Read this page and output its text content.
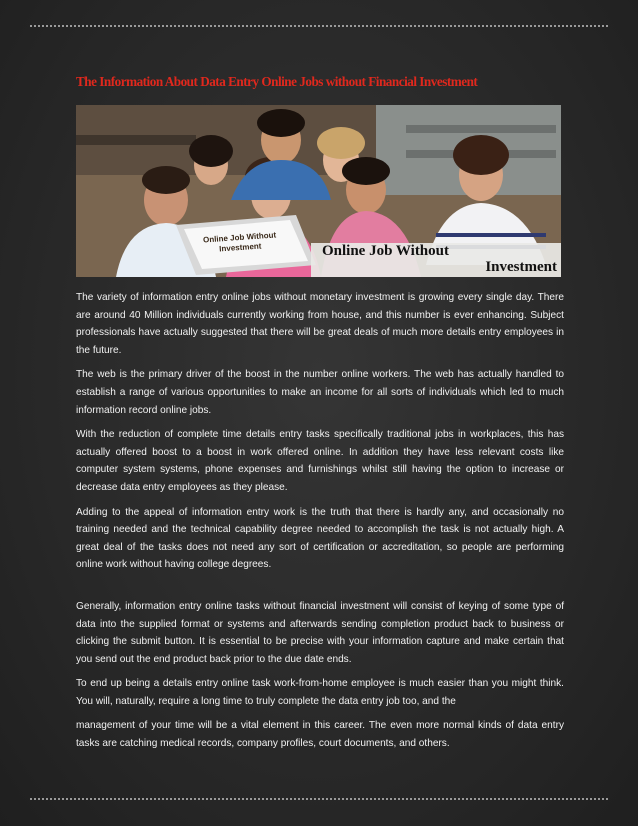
The Information About Data Entry Online Jobs without Financial Investment
Online Job Without Investment	Online Job Without
Investment

The variety of information entry online jobs without monetary investment is growing every single day. There are around 40 Million individuals currently working from house, and this number is ever enhancing. Subject professionals have actually suggested that there will be great deals of much more details entry employees in the future.

The web is the primary driver of the boost in the number online workers. The web has actually handled to establish a range of various opportunities to make an income for all sorts of individuals which led to much information record online jobs.

With the reduction of complete time details entry tasks specifically traditional jobs in workplaces, this has actually offered boost to a boost in work offered online. In addition they have less relevant costs like computer system systems, phone expenses and furnishings whilst still having the option to increase or decrease data entry employees as they please.

Adding to the appeal of information entry work is the truth that there is hardly any, and occasionally no training needed and the technical capability degree needed to accomplish the task is not actually high. A great deal of the tasks does not need any sort of certification or accreditation, so people are performing online work without having college degrees.

Generally, information entry online tasks without financial investment will consist of keying of some type of data into the supplied format or systems and afterwards sending completion product back to business or clicking the submit button. It is essential to be precise with your information capture and make certain that you send out the end product back prior to the due date ends.

To end up being a details entry online task work-from-home employee is much easier than you might think. You will, naturally, require a long time to truly complete the data entry job too, and the

management of your time will be a vital element in this career. The even more normal kinds of data entry tasks are catching medical records, company profiles, court documents, and others.
